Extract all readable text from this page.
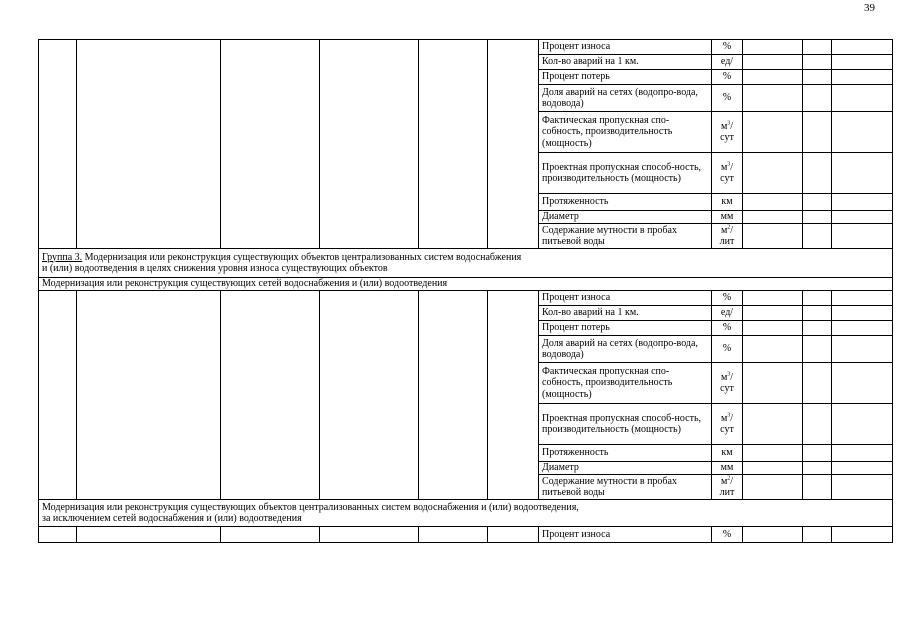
39
						Процент износа	%			
						Кол-во аварий на 1 км.	ед/			
						Процент потерь	%			
						Доля аварий на сетях (водопро-вода, водовода)	%			
						Фактическая пропускная спо-собность, производительность (мощность)	$м^3/$ сут			
						Проектная пропускная способ-ность, производительность (мощность)	$м^3/$ сут			
						Протяженность	км			
						Диаметр	мм			
						Содержание мутности в пробах питьевой воды	$м^2/$ лит			
Группа 3. Модернизация или реконструкция существующих объектов централизованных систем водоснабжения
и (или) водоотведения в целях снижения уровня износа существующих объектов										
Модернизация или реконструкция существующих сетей водоснабжения и (или) водоотведения										
						Процент износа	%			
						Кол-во аварий на 1 км.	ед/			
						Процент потерь	%			
						Доля аварий на сетях (водопро-вода, водовода)	%			
						Фактическая пропускная спо-собность, производительность (мощность)	$м^3/$ сут			
						Проектная пропускная способ-ность, производительность (мощность)	$м^3/$ сут			
						Протяженность	км			
						Диаметр	мм			
						Содержание мутности в пробах питьевой воды	$м^2/$ лит			
Модернизация или реконструкция существующих объектов централизованных систем водоснабжения и (или) водоотведения,
за исключением сетей водоснабжения и (или) водоотведения										
						Процент износа	%			
